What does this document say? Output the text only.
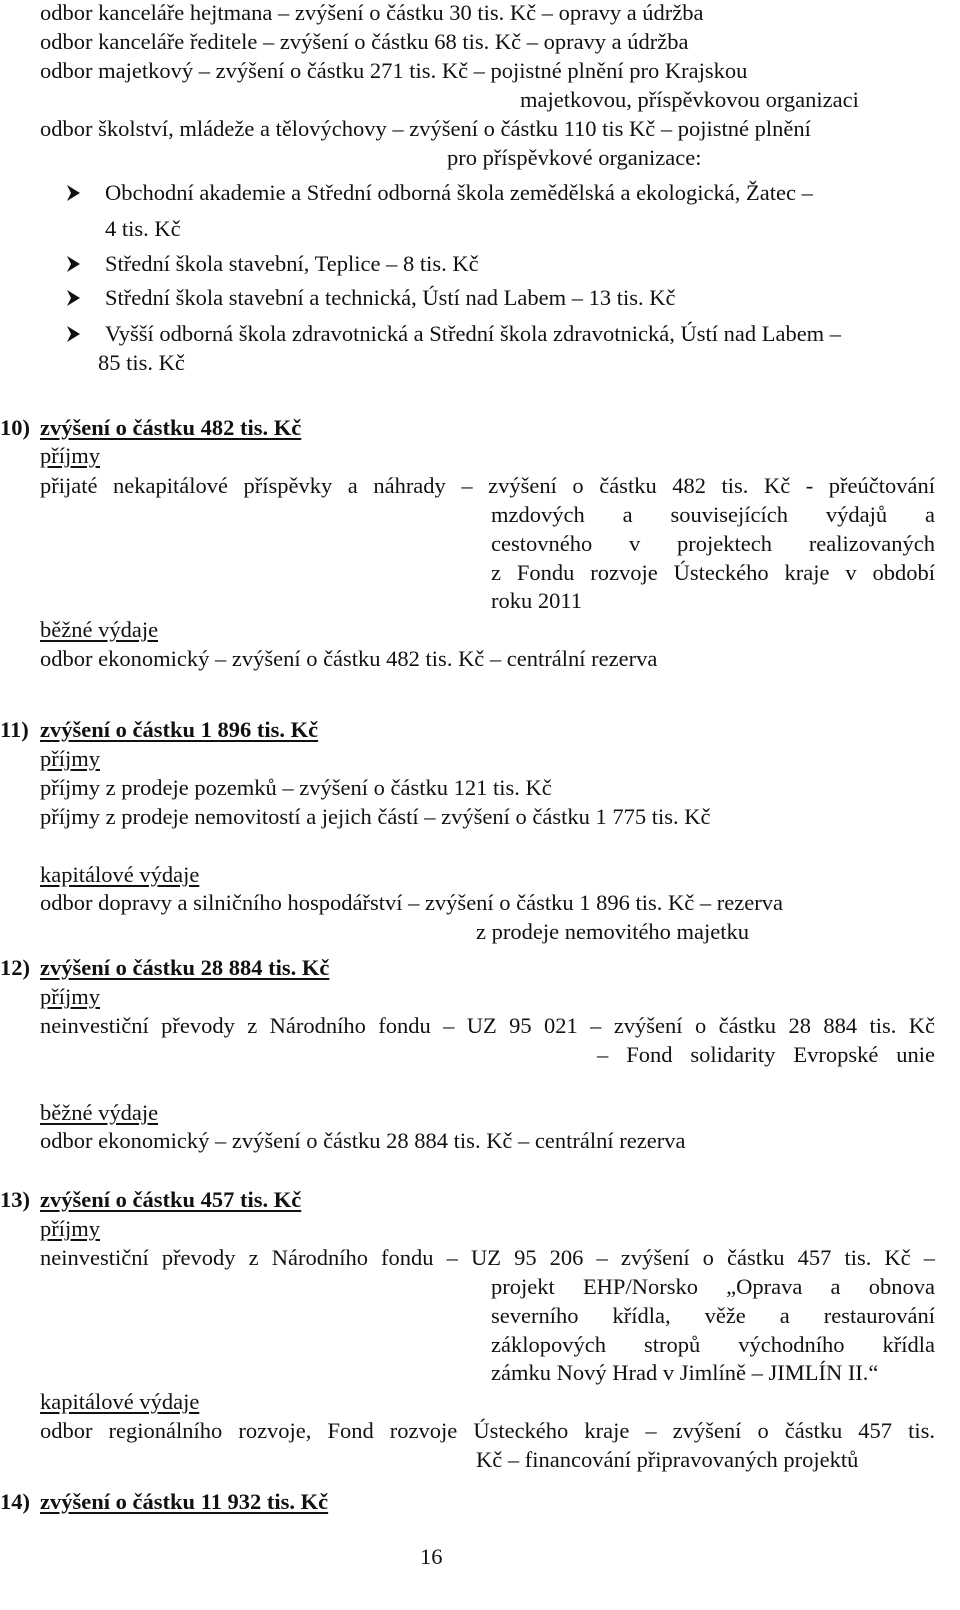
odbor kanceláře hejtmana – zvýšení o částku 30 tis. Kč – opravy a údržba
odbor kanceláře ředitele – zvýšení o částku 68 tis. Kč – opravy a údržba
odbor majetkový – zvýšení o částku 271 tis. Kč – pojistné plnění pro Krajskou
majetkovou, příspěvkovou organizaci
odbor školství, mládeže a tělovýchovy – zvýšení o částku 110 tis Kč – pojistné plnění
pro příspěvkové organizace:
Obchodní akademie a Střední odborná škola zemědělská a ekologická, Žatec –
4 tis. Kč
Střední škola stavební, Teplice – 8 tis. Kč
Střední škola stavební a technická, Ústí nad Labem – 13 tis. Kč
Vyšší odborná škola zdravotnická a Střední škola zdravotnická, Ústí nad Labem –
85 tis. Kč
10) zvýšení o částku 482 tis. Kč
příjmy
přijaté nekapitálové příspěvky a náhrady – zvýšení o částku 482 tis. Kč - přeúčtování
mzdových a souvisejících výdajů a
cestovného v projektech realizovaných
z Fondu rozvoje Ústeckého kraje v období
roku 2011
běžné výdaje
odbor ekonomický – zvýšení o částku 482 tis. Kč – centrální rezerva
11) zvýšení o částku 1 896 tis. Kč
příjmy
příjmy z prodeje pozemků – zvýšení o částku 121 tis. Kč
příjmy z prodeje nemovitostí a jejich částí – zvýšení o částku 1 775 tis. Kč
kapitálové výdaje
odbor dopravy a silničního hospodářství – zvýšení o částku 1 896 tis. Kč – rezerva
z prodeje nemovitého majetku
12) zvýšení o částku 28 884 tis. Kč
příjmy
neinvestiční převody z Národního fondu – UZ 95 021 – zvýšení o částku 28 884 tis. Kč
– Fond solidarity Evropské unie
běžné výdaje
odbor ekonomický – zvýšení o částku 28 884 tis. Kč – centrální rezerva
13) zvýšení o částku 457 tis. Kč
příjmy
neinvestiční převody z Národního fondu – UZ 95 206 – zvýšení o částku 457 tis. Kč –
projekt EHP/Norsko „Oprava a obnova
severního křídla, věže a restaurování
záklopových stropů východního křídla
zámku Nový Hrad v Jimlíně – JIMLÍN II.“
kapitálové výdaje
odbor regionálního rozvoje, Fond rozvoje Ústeckého kraje – zvýšení o částku 457 tis.
Kč – financování připravovaných projektů
14) zvýšení o částku 11 932 tis. Kč
16
